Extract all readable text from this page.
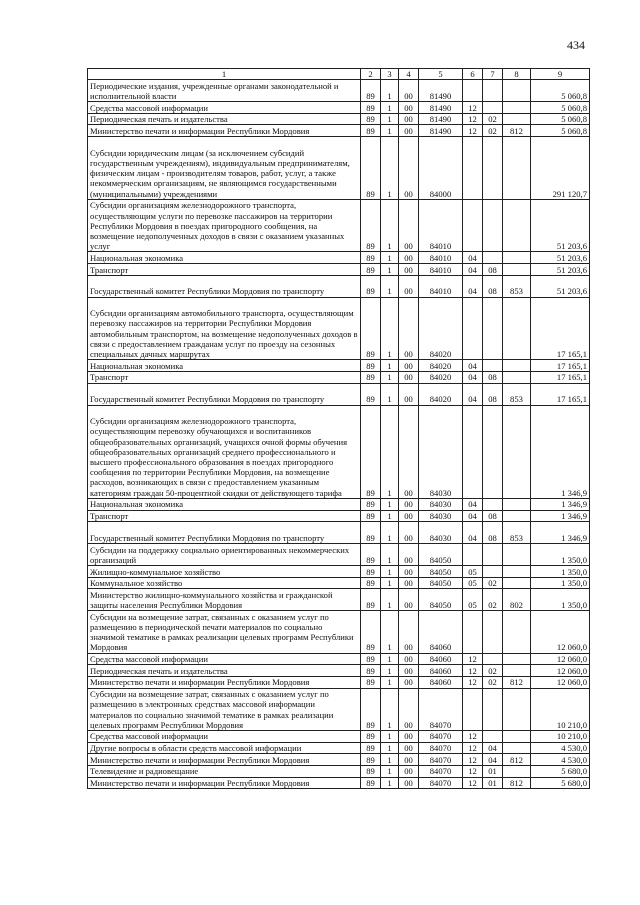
434
1	2	3	4	5	6	7	8	9
Периодические издания, учрежденные органами законодательной и исполнительной власти	89	1	00	81490				5 060,8
Средства массовой информации	89	1	00	81490	12			5 060,8
Периодическая печать и издательства	89	1	00	81490	12	02		5 060,8
Министерство печати и информации Республики Мордовия	89	1	00	81490	12	02	812	5 060,8
Субсидии юридическим лицам (за исключением субсидий государственным учреждениям), индивидуальным предпринимателям, физическим лицам - производителям товаров, работ, услуг, а также некоммерческим организациям, не являющимся государственными (муниципальными) учреждениями	89	1	00	84000				291 120,7
Субсидии организациям железнодорожного транспорта, осуществляющим услуги по перевозке пассажиров на территории Республики Мордовия в поездах пригородного сообщения, на возмещение недополученных доходов в связи с оказанием указанных услуг	89	1	00	84010				51 203,6
Национальная экономика	89	1	00	84010	04			51 203,6
Транспорт	89	1	00	84010	04	08		51 203,6
Государственный комитет Республики Мордовия по транспорту	89	1	00	84010	04	08	853	51 203,6
Субсидии организациям автомобильного транспорта, осуществляющим перевозку пассажиров на территории Республики Мордовия автомобильным транспортом, на возмещение недополученных доходов в связи с предоставлением гражданам услуг по проезду на сезонных специальных дачных маршрутах	89	1	00	84020				17 165,1
Национальная экономика	89	1	00	84020	04			17 165,1
Транспорт	89	1	00	84020	04	08		17 165,1
Государственный комитет Республики Мордовия по транспорту	89	1	00	84020	04	08	853	17 165,1
Субсидии организациям железнодорожного транспорта, осуществляющим перевозку обучающихся и воспитанников общеобразовательных организаций, учащихся очной формы обучения общеобразовательных организаций среднего профессионального и высшего профессионального образования в поездах пригородного сообщения по территории Республики Мордовия, на возмещение расходов, возникающих в связи с предоставлением указанным категориям граждан 50-процентной скидки от действующего тарифа	89	1	00	84030				1 346,9
Национальная экономика	89	1	00	84030	04			1 346,9
Транспорт	89	1	00	84030	04	08		1 346,9
Государственный комитет Республики Мордовия по транспорту	89	1	00	84030	04	08	853	1 346,9
Субсидии на поддержку социально ориентированных некоммерческих организаций	89	1	00	84050				1 350,0
Жилищно-коммунальное хозяйство	89	1	00	84050	05			1 350,0
Коммунальное хозяйство	89	1	00	84050	05	02		1 350,0
Министерство жилищно-коммунального хозяйства и гражданской защиты населения Республики Мордовия	89	1	00	84050	05	02	802	1 350,0
Субсидии на возмещение затрат, связанных с оказанием услуг по размещению в периодической печати материалов по социально значимой тематике в рамках реализации целевых программ Республики Мордовия	89	1	00	84060				12 060,0
Средства массовой информации	89	1	00	84060	12			12 060,0
Периодическая печать и издательства	89	1	00	84060	12	02		12 060,0
Министерство печати и информации Республики Мордовия	89	1	00	84060	12	02	812	12 060,0
Субсидии на возмещение затрат, связанных с оказанием услуг по размещению в электронных средствах массовой информации материалов по социально значимой тематике в рамках реализации целевых программ Республики Мордовия	89	1	00	84070				10 210,0
Средства массовой информации	89	1	00	84070	12			10 210,0
Другие вопросы в области средств массовой информации	89	1	00	84070	12	04		4 530,0
Министерство печати и информации Республики Мордовия	89	1	00	84070	12	04	812	4 530,0
Телевидение и радиовещание	89	1	00	84070	12	01		5 680,0
Министерство печати и информации Республики Мордовия	89	1	00	84070	12	01	812	5 680,0
